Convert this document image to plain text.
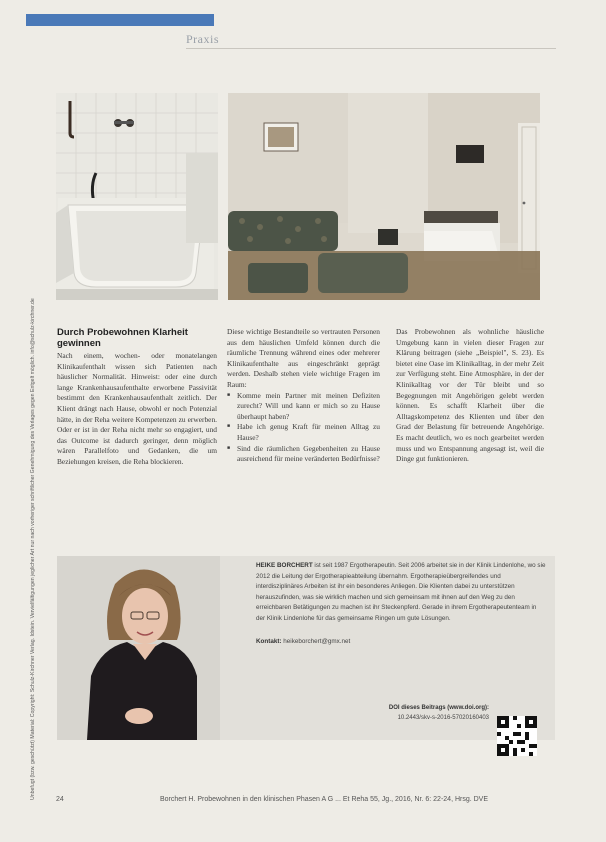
Praxis
Unbefugt (bzw. geschützt) Material: Copyright: Schulz-Kirchner Verlag. Idstein. Vervielfältigungen jeglicher Art nur nach vorheriger schriftlicher Genehmigung des Verlages gegen Entgelt möglich. info@schulz-kirchner.de Durch Probewohnen Klarheit gewinnen

Nach einem, wochen- oder monatelangen Klinikaufenthalt wissen sich Patienten nach häuslicher Normalität. Hinweist: oder eine durch lange Krankenhausaufenthalte erworbene Passivität bestimmt den Krankenhausaufenthalt zeitlich. Der Klient drängt nach Hause, obwohl er noch Potenzial hätte, in der Reha weitere Kompetenzen zu erwerben. Oder er ist in der Reha nicht mehr so engagiert, und das Outcome ist dadurch geringer, denn möglich wären Parallelfoto und Gedanken, die um Beziehungen kreisen, die Reha blockieren.

Diese wichtige Bestandteile so vertrauten Personen aus dem häuslichen Umfeld können durch die räumliche Trennung während eines oder mehrerer Klinikaufenthalte aus eingeschränkt geprägt werden. Deshalb stehen viele wichtige Fragen im Raum:

■ Komme mein Partner mit meinen Defiziten zurecht? Will und kann er mich so zu Hause überhaupt haben?
■ Habe ich genug Kraft für meinen Alltag zu Hause?
■ Sind die räumlichen Gegebenheiten zu Hause ausreichend für meine veränderten Bedürfnisse?

Das Probewohnen als wohnliche häusliche Umgebung kann in vielen dieser Fragen zur Klärung beitragen (siehe „Beispiel", S. 23). Es bietet eine Oase im Klinikalltag, in der mehr Zeit zur Verfügung steht. Eine Atmosphäre, in der der Klinikalltag vor der Tür bleibt und so Begegnungen mit Angehörigen gelebt werden können. Es schafft Klarheit über die Alltagskompetenz des Klienten und über den Grad der Belastung für betreuende Angehörige. Es macht deutlich, wo es noch gearbeitet werden muss und wo Entspannung angesagt ist, weil die Dinge gut funktionieren.

HEIKE BORCHERT ist seit 1987 Ergotherapeutin. Seit 2006 arbeitet sie in der Klinik Lindenlohe, wo sie 2012 die Leitung der Ergotherapieabteilung übernahm. Ergotherapieübergreifendes und interdisziplinäres Arbeiten ist ihr ein besonderes Anliegen. Die Klienten dabei zu unterstützen herauszufinden, was sie wirklich machen und sich gemeinsam mit ihnen auf den Weg zu den erreichbaren Betätigungen zu machen ist ihr Steckenpferd. Gerade in ihrem Ergotherapeutenteam in der Klinik Lindenlohe für das gemeinsame Ringen um gute Lösungen.

Kontakt: heikeborchert@gmx.net
DOI dieses Beitrags (www.doi.org):
10.2443/skv-s-2016-57020160403
24	Borchert H. Probewohnen in den klinischen Phasen A G ... Et Reha 55, Jg., 2016, Nr. 6: 22-24, Hrsg. DVE
